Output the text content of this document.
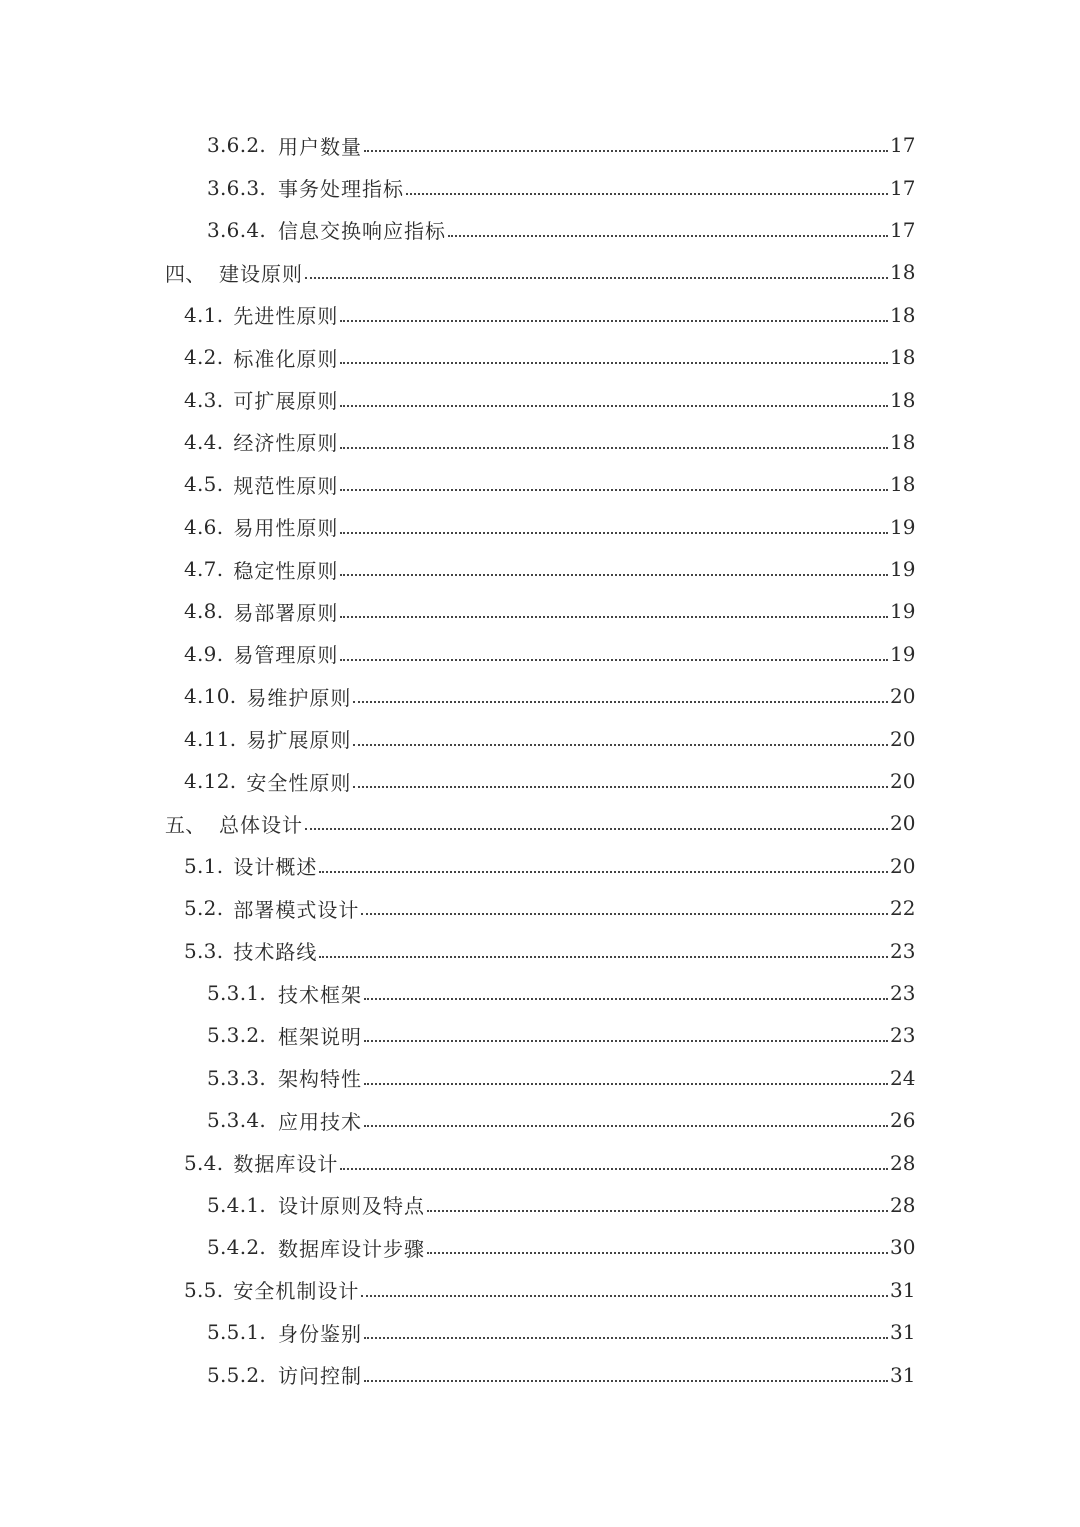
3.6.2. 用户数量	17
3.6.3. 事务处理指标	17
3.6.4. 信息交换响应指标	17
四、 建设原则	18
4.1. 先进性原则	18
4.2. 标准化原则	18
4.3. 可扩展原则	18
4.4. 经济性原则	18
4.5. 规范性原则	18
4.6. 易用性原则	19
4.7. 稳定性原则	19
4.8. 易部署原则	19
4.9. 易管理原则	19
4.10. 易维护原则	20
4.11. 易扩展原则	20
4.12. 安全性原则	20
五、 总体设计	20
5.1. 设计概述	20
5.2. 部署模式设计	22
5.3. 技术路线	23
5.3.1. 技术框架	23
5.3.2. 框架说明	23
5.3.3. 架构特性	24
5.3.4. 应用技术	26
5.4. 数据库设计	28
5.4.1. 设计原则及特点	28
5.4.2. 数据库设计步骤	30
5.5. 安全机制设计	31
5.5.1. 身份鉴别	31
5.5.2. 访问控制	31
